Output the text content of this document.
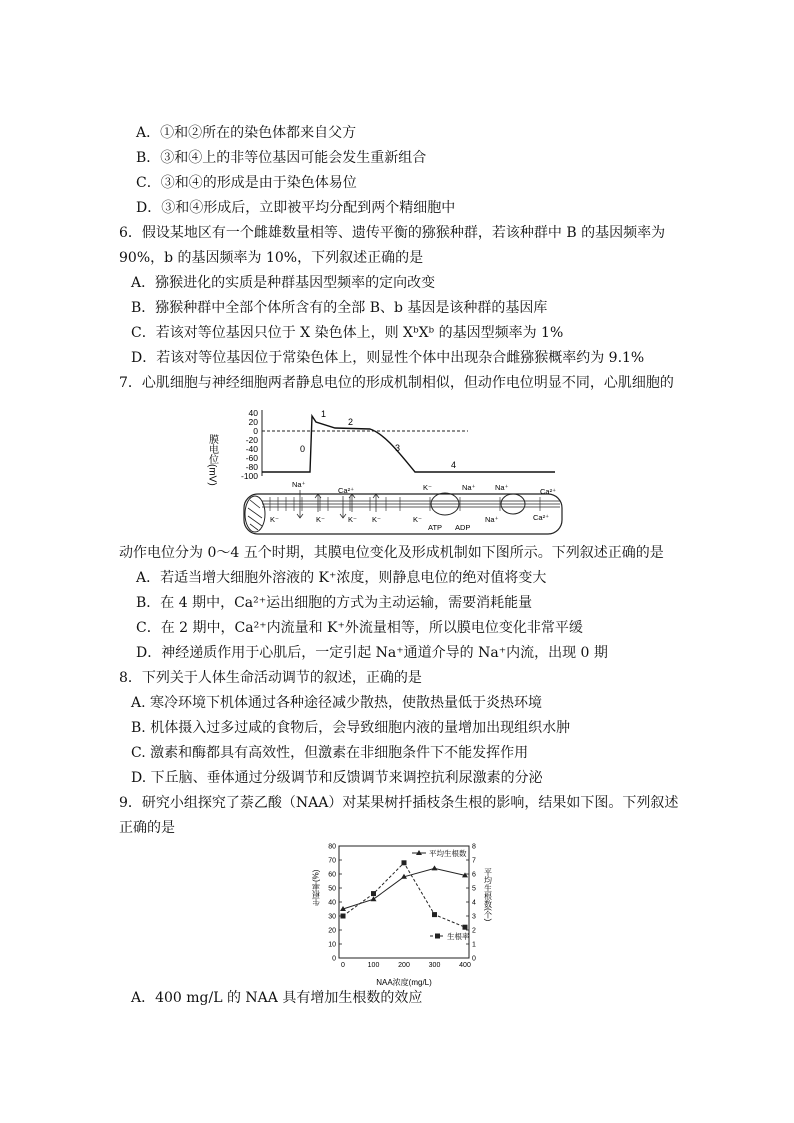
A．①和②所在的染色体都来自父方
B．③和④上的非等位基因可能会发生重新组合
C．③和④的形成是由于染色体易位
D．③和④形成后，立即被平均分配到两个精细胞中
6．假设某地区有一个雌雄数量相等、遗传平衡的猕猴种群，若该种群中 B 的基因频率为
90%，b 的基因频率为 10%，下列叙述正确的是
A．猕猴进化的实质是种群基因型频率的定向改变
B．猕猴种群中全部个体所含有的全部 B、b 基因是该种群的基因库
C．若该对等位基因只位于 X 染色体上，则 XᵇXᵇ 的基因型频率为 1%
D．若该对等位基因位于常染色体上，则显性个体中出现杂合雌猕猴概率约为 9.1%
7．心肌细胞与神经细胞两者静息电位的形成机制相似，但动作电位明显不同，心肌细胞的
膜电位(mV)
40
20
0
-20
-40
-60
-80
-100
0
1
2
3
4
Na⁺
Ca²⁺	K⁻	Na⁺	Na⁺	Ca²⁺
K⁻	K⁻	K⁻ K⁻	K⁻
ATP ADP
Na⁺	Ca²⁺
动作电位分为 0～4 五个时期，其膜电位变化及形成机制如下图所示。下列叙述正确的是
A．若适当增大细胞外溶液的 K⁺浓度，则静息电位的绝对值将变大
B．在 4 期中，Ca²⁺运出细胞的方式为主动运输，需要消耗能量
C．在 2 期中，Ca²⁺内流量和 K⁺外流量相等，所以膜电位变化非常平缓
D．神经递质作用于心肌后，一定引起 Na⁺通道介导的 Na⁺内流，出现 0 期
8．下列关于人体生命活动调节的叙述，正确的是
A. 寒冷环境下机体通过各种途径减少散热，使散热量低于炎热环境
B. 机体摄入过多过咸的食物后，会导致细胞内液的量增加出现组织水肿
C. 激素和酶都具有高效性，但激素在非细胞条件下不能发挥作用
D. 下丘脑、垂体通过分级调节和反馈调节来调控抗利尿激素的分泌
9．研究小组探究了萘乙酸（NAA）对某果树扦插枝条生根的影响，结果如下图。下列叙述
正确的是
0
10
20
30
40
50
60
70
80
0
1
2
3
4
5
6
7
8
0	100	200	300	400
生根率(%)	平均生根数(个)
NAA浓度(mg/L)
平均生根数
生根率
A．400 mg/L 的 NAA 具有增加生根数的效应
